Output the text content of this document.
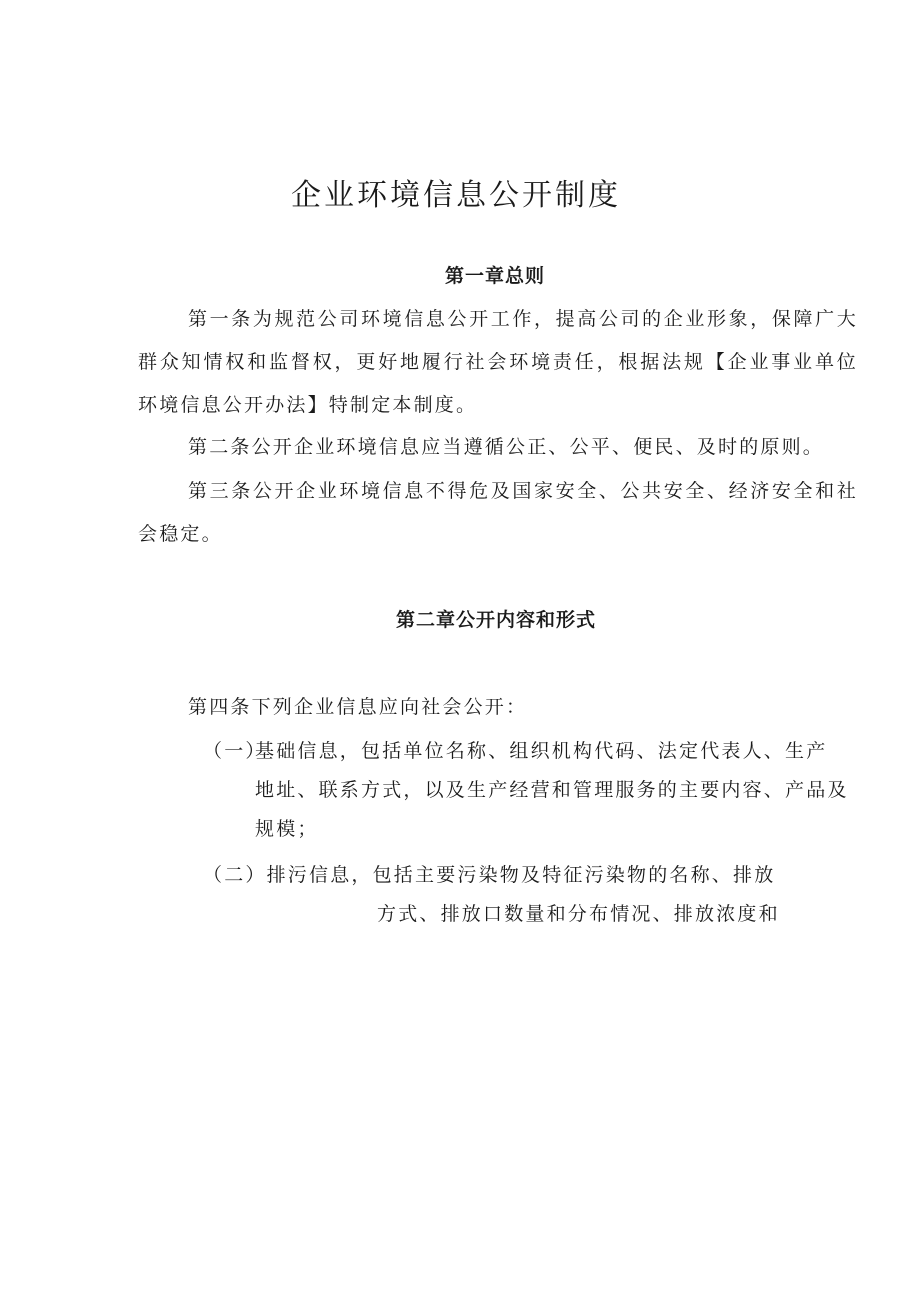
企业环境信息公开制度
第一章总则

第一条为规范公司环境信息公开工作，提高公司的企业形象，保障广大群众知情权和监督权，更好地履行社会环境责任，根据法规【企业事业单位环境信息公开办法】特制定本制度。

第二条公开企业环境信息应当遵循公正、公平、便民、及时的原则。

第三条公开企业环境信息不得危及国家安全、公共安全、经济安全和社会稳定。

第二章公开内容和形式

第四条下列企业信息应向社会公开：

（一）
基础信息，包括单位名称、组织机构代码、法定代表人、生产
地址、联系方式，以及生产经营和管理服务的主要内容、产品及规模；
（二）排污信息，包括主要污染物及特征污染物的名称、排放
方式、排放口数量和分布情况、排放浓度和
